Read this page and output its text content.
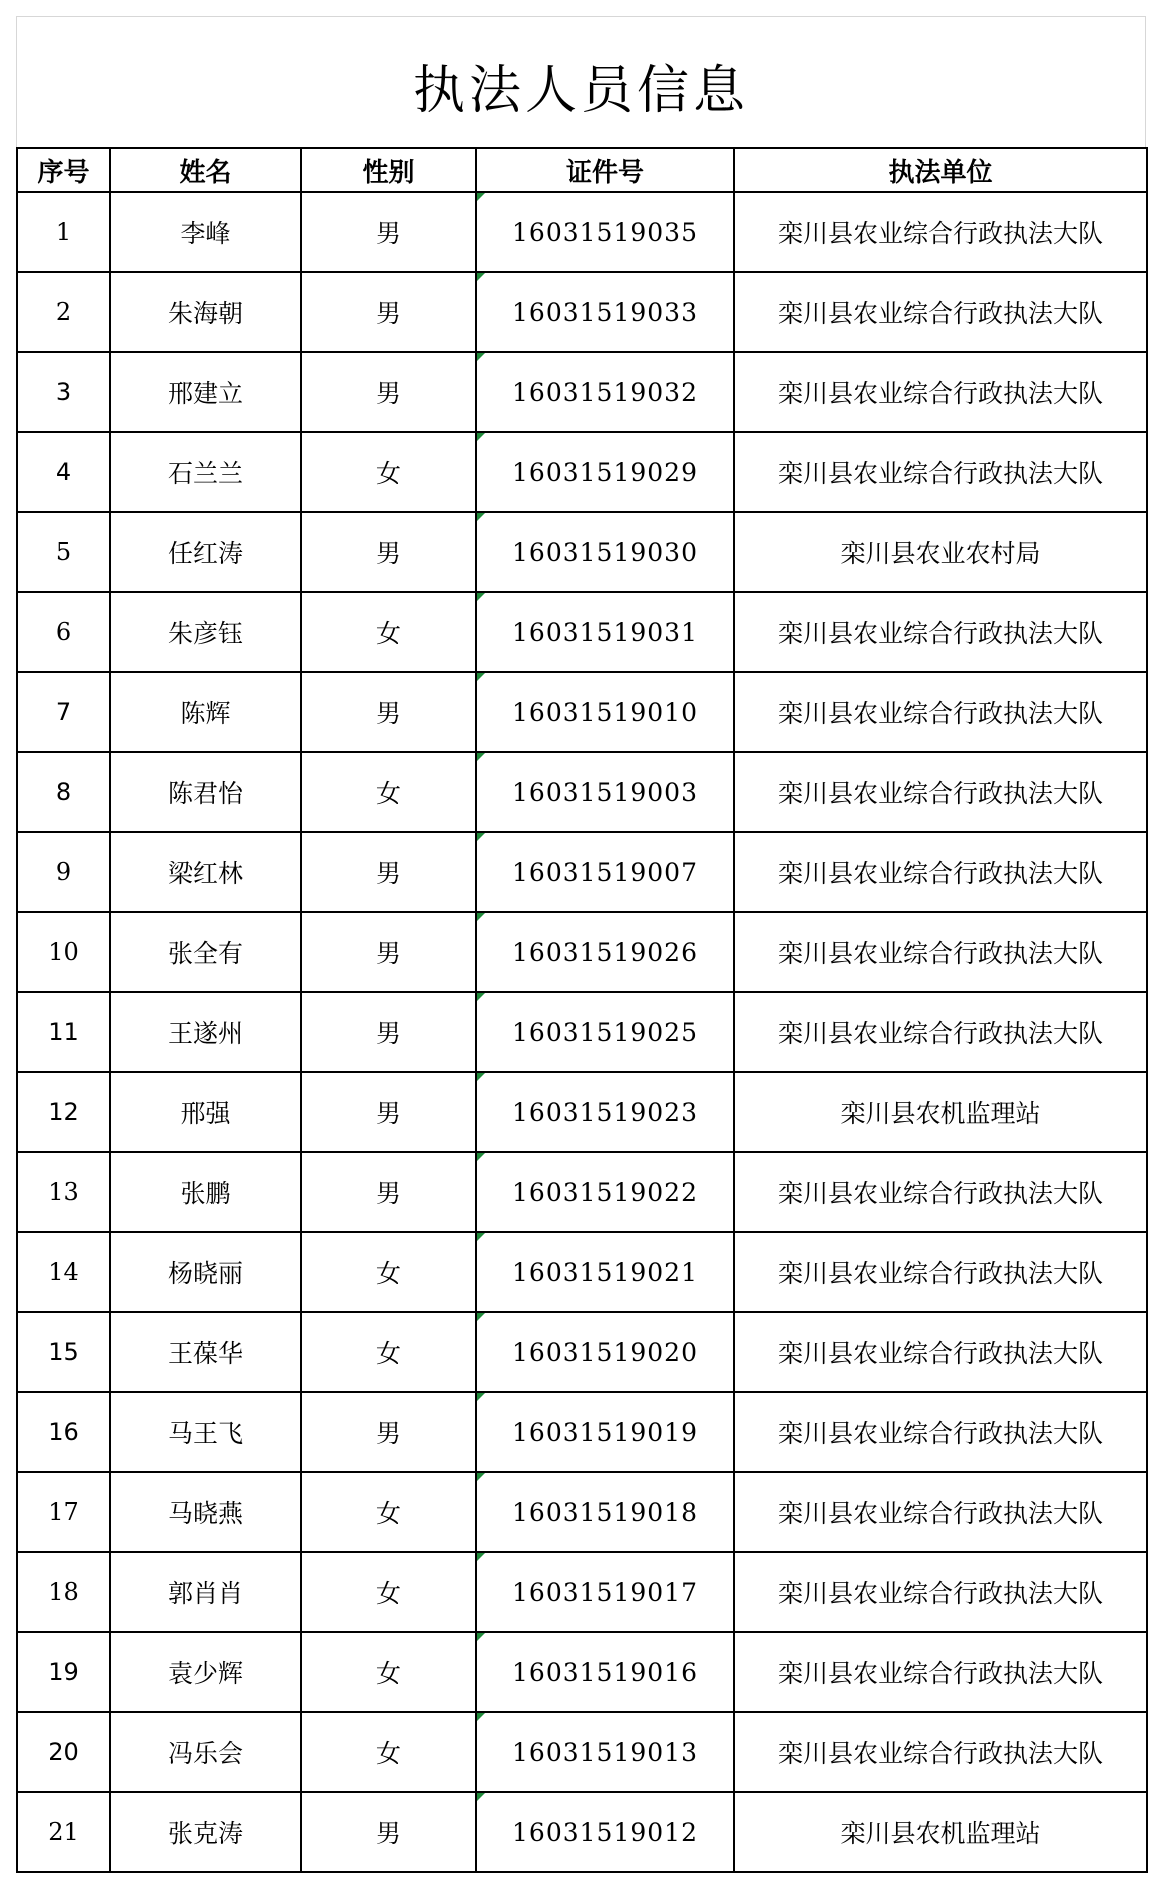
执法人员信息
序号	姓名	性别	证件号	执法单位
1	李峰	男	16031519035	栾川县农业综合行政执法大队
2	朱海朝	男	16031519033	栾川县农业综合行政执法大队
3	邢建立	男	16031519032	栾川县农业综合行政执法大队
4	石兰兰	女	16031519029	栾川县农业综合行政执法大队
5	任红涛	男	16031519030	栾川县农业农村局
6	朱彦钰	女	16031519031	栾川县农业综合行政执法大队
7	陈辉	男	16031519010	栾川县农业综合行政执法大队
8	陈君怡	女	16031519003	栾川县农业综合行政执法大队
9	梁红林	男	16031519007	栾川县农业综合行政执法大队
10	张全有	男	16031519026	栾川县农业综合行政执法大队
11	王遂州	男	16031519025	栾川县农业综合行政执法大队
12	邢强	男	16031519023	栾川县农机监理站
13	张鹏	男	16031519022	栾川县农业综合行政执法大队
14	杨晓丽	女	16031519021	栾川县农业综合行政执法大队
15	王葆华	女	16031519020	栾川县农业综合行政执法大队
16	马王飞	男	16031519019	栾川县农业综合行政执法大队
17	马晓燕	女	16031519018	栾川县农业综合行政执法大队
18	郭肖肖	女	16031519017	栾川县农业综合行政执法大队
19	袁少辉	女	16031519016	栾川县农业综合行政执法大队
20	冯乐会	女	16031519013	栾川县农业综合行政执法大队
21	张克涛	男	16031519012	栾川县农机监理站
